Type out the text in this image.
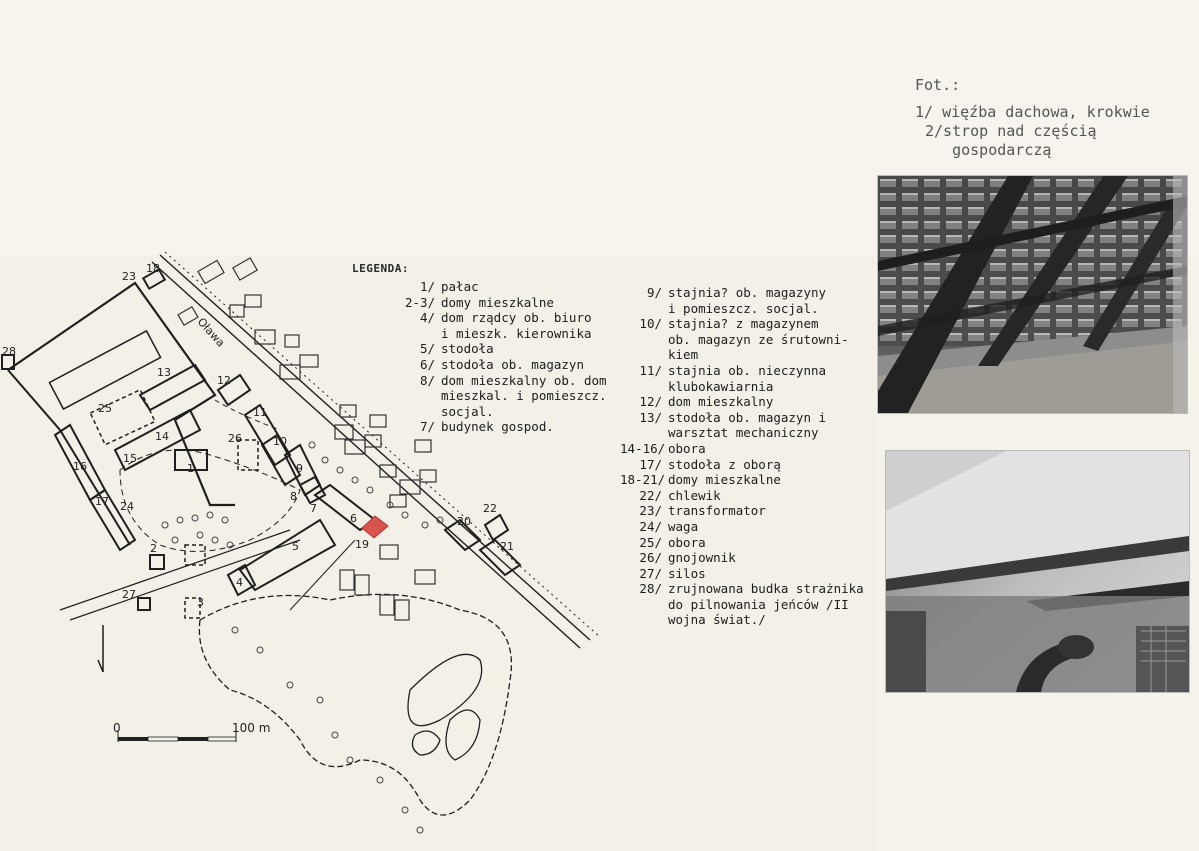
Fot.:
1/ więźba dachowa, krokwie
2/strop nad częścią
gospodarczą
0	100 m
Oława
1
2
3
4
5
6
7
8
9
10
11
12
13
14
15
16
17
18
19
20
21
22
23
24
25
26
27
28
LEGENDA:
1/ pałac
2-3/ domy mieszkalne
4/ dom rządcy ob. biuro
i mieszk. kierownika
5/ stodoła
6/ stodoła ob. magazyn
8/ dom mieszkalny ob. dom
mieszkal. i pomieszcz.
socjal.
7/ budynek gospod.
9/ stajnia? ob. magazyny
i pomieszcz. socjal.
10/ stajnia? z magazynem
ob. magazyn ze śrutowni-
kiem
11/ stajnia ob. nieczynna
klubokawiarnia
12/ dom mieszkalny
13/ stodoła ob. magazyn i
warsztat mechaniczny
14-16/ obora
17/ stodoła z oborą
18-21/ domy mieszkalne
22/ chlewik
23/ transformator
24/ waga
25/ obora
26/ gnojownik
27/ silos
28/ zrujnowana budka strażnika
do pilnowania jeńców /II
wojna świat./
